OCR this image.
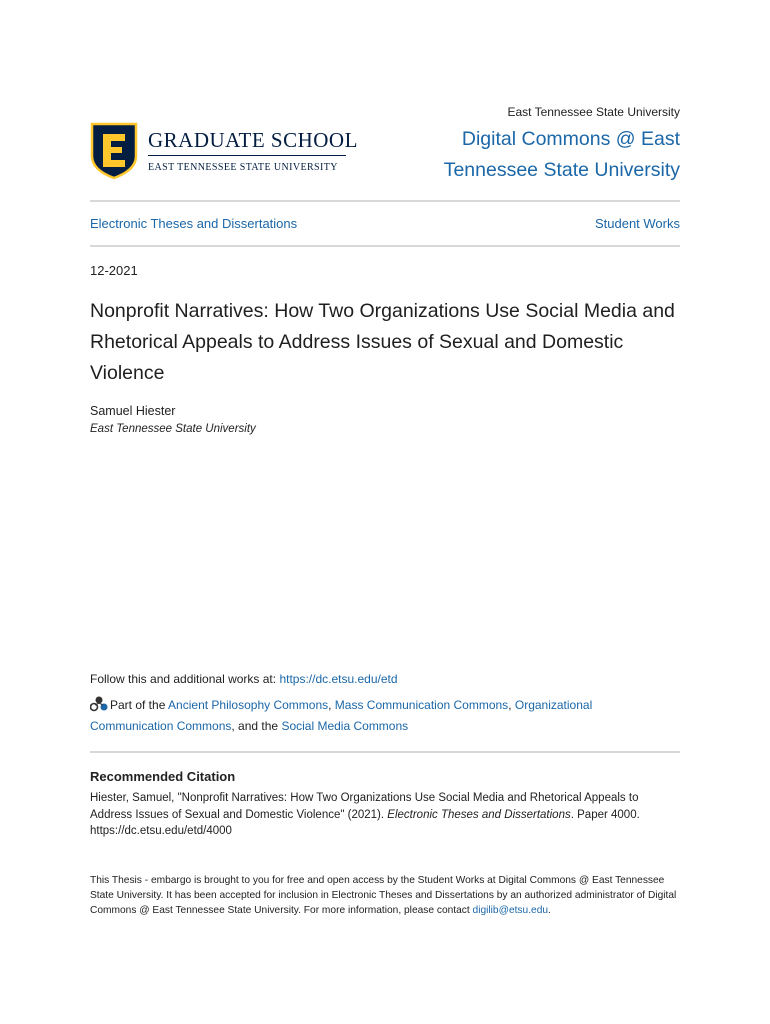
GRADUATE SCHOOL
EAST TENNESSEE STATE UNIVERSITY
East Tennessee State University
Digital Commons @ East
Tennessee State University
Electronic Theses and Dissertations	Student Works
12-2021
Nonprofit Narratives: How Two Organizations Use Social Media and Rhetorical Appeals to Address Issues of Sexual and Domestic Violence
Samuel Hiester
East Tennessee State University
Follow this and additional works at: https://dc.etsu.edu/etd
Part of the Ancient Philosophy Commons, Mass Communication Commons, Organizational Communication Commons, and the Social Media Commons
Recommended Citation
Hiester, Samuel, "Nonprofit Narratives: How Two Organizations Use Social Media and Rhetorical Appeals to Address Issues of Sexual and Domestic Violence" (2021). Electronic Theses and Dissertations. Paper 4000. https://dc.etsu.edu/etd/4000
This Thesis - embargo is brought to you for free and open access by the Student Works at Digital Commons @ East Tennessee State University. It has been accepted for inclusion in Electronic Theses and Dissertations by an authorized administrator of Digital Commons @ East Tennessee State University. For more information, please contact digilib@etsu.edu.
